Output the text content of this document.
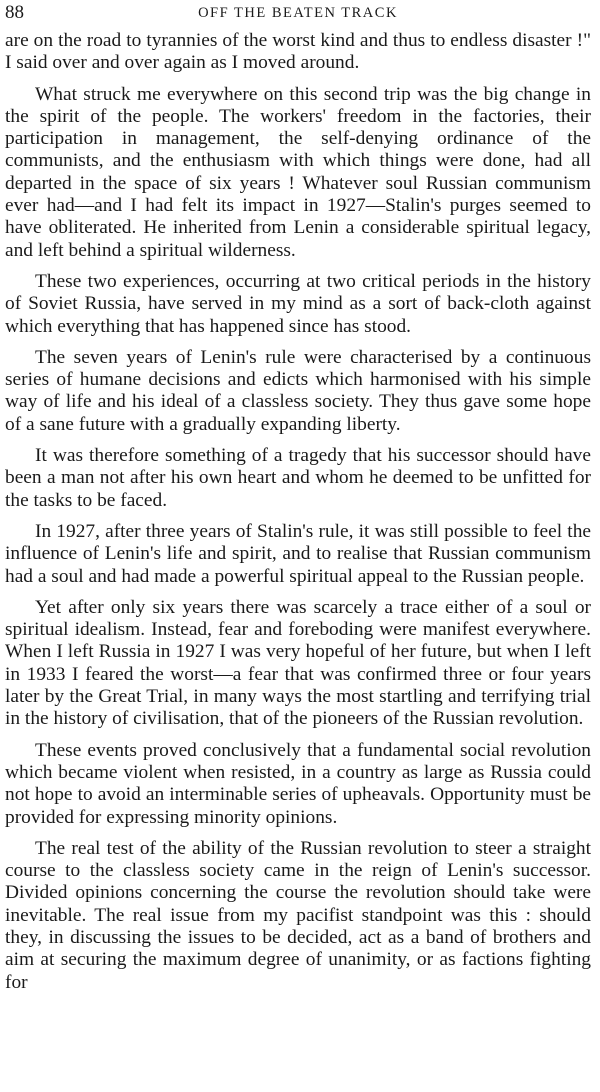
88	OFF THE BEATEN TRACK

are on the road to tyrannies of the worst kind and thus to endless disaster !" I said over and over again as I moved around.

What struck me everywhere on this second trip was the big change in the spirit of the people. The workers' freedom in the factories, their participation in management, the self-denying ordinance of the communists, and the enthusiasm with which things were done, had all departed in the space of six years ! Whatever soul Russian communism ever had—and I had felt its impact in 1927—Stalin's purges seemed to have obliterated. He inherited from Lenin a considerable spiritual legacy, and left behind a spiritual wilderness.

These two experiences, occurring at two critical periods in the history of Soviet Russia, have served in my mind as a sort of back-cloth against which everything that has happened since has stood.

The seven years of Lenin's rule were characterised by a continuous series of humane decisions and edicts which harmonised with his simple way of life and his ideal of a classless society. They thus gave some hope of a sane future with a gradually expanding liberty.

It was therefore something of a tragedy that his successor should have been a man not after his own heart and whom he deemed to be unfitted for the tasks to be faced.

In 1927, after three years of Stalin's rule, it was still possible to feel the influence of Lenin's life and spirit, and to realise that Russian communism had a soul and had made a powerful spiritual appeal to the Russian people.

Yet after only six years there was scarcely a trace either of a soul or spiritual idealism. Instead, fear and foreboding were manifest everywhere. When I left Russia in 1927 I was very hopeful of her future, but when I left in 1933 I feared the worst—a fear that was confirmed three or four years later by the Great Trial, in many ways the most startling and terrifying trial in the history of civilisation, that of the pioneers of the Russian revolution.

These events proved conclusively that a fundamental social revolution which became violent when resisted, in a country as large as Russia could not hope to avoid an interminable series of upheavals. Opportunity must be provided for expressing minority opinions.

The real test of the ability of the Russian revolution to steer a straight course to the classless society came in the reign of Lenin's successor. Divided opinions concerning the course the revolution should take were inevitable. The real issue from my pacifist standpoint was this : should they, in discussing the issues to be decided, act as a band of brothers and aim at securing the maximum degree of unanimity, or as factions fighting for
